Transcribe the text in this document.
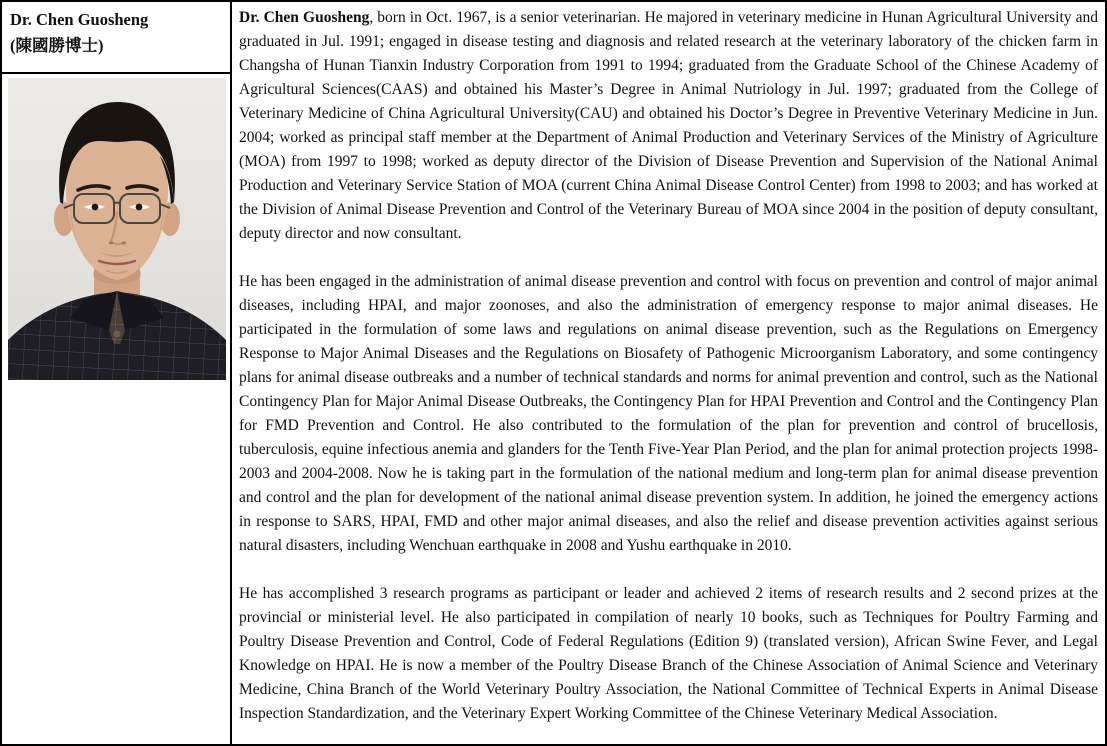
Dr. Chen Guosheng
(陳國勝博士)

Dr. Chen Guosheng, born in Oct. 1967, is a senior veterinarian. He majored in veterinary medicine in Hunan Agricultural University and graduated in Jul. 1991; engaged in disease testing and diagnosis and related research at the veterinary laboratory of the chicken farm in Changsha of Hunan Tianxin Industry Corporation from 1991 to 1994; graduated from the Graduate School of the Chinese Academy of Agricultural Sciences(CAAS) and obtained his Master’s Degree in Animal Nutriology in Jul. 1997; graduated from the College of Veterinary Medicine of China Agricultural University(CAU) and obtained his Doctor’s Degree in Preventive Veterinary Medicine in Jun. 2004; worked as principal staff member at the Department of Animal Production and Veterinary Services of the Ministry of Agriculture (MOA) from 1997 to 1998; worked as deputy director of the Division of Disease Prevention and Supervision of the National Animal Production and Veterinary Service Station of MOA (current China Animal Disease Control Center) from 1998 to 2003; and has worked at the Division of Animal Disease Prevention and Control of the Veterinary Bureau of MOA since 2004 in the position of deputy consultant, deputy director and now consultant.

He has been engaged in the administration of animal disease prevention and control with focus on prevention and control of major animal diseases, including HPAI, and major zoonoses, and also the administration of emergency response to major animal diseases. He participated in the formulation of some laws and regulations on animal disease prevention, such as the Regulations on Emergency Response to Major Animal Diseases and the Regulations on Biosafety of Pathogenic Microorganism Laboratory, and some contingency plans for animal disease outbreaks and a number of technical standards and norms for animal prevention and control, such as the National Contingency Plan for Major Animal Disease Outbreaks, the Contingency Plan for HPAI Prevention and Control and the Contingency Plan for FMD Prevention and Control. He also contributed to the formulation of the plan for prevention and control of brucellosis, tuberculosis, equine infectious anemia and glanders for the Tenth Five-Year Plan Period, and the plan for animal protection projects 1998-2003 and 2004-2008. Now he is taking part in the formulation of the national medium and long-term plan for animal disease prevention and control and the plan for development of the national animal disease prevention system. In addition, he joined the emergency actions in response to SARS, HPAI, FMD and other major animal diseases, and also the relief and disease prevention activities against serious natural disasters, including Wenchuan earthquake in 2008 and Yushu earthquake in 2010.

He has accomplished 3 research programs as participant or leader and achieved 2 items of research results and 2 second prizes at the provincial or ministerial level. He also participated in compilation of nearly 10 books, such as Techniques for Poultry Farming and Poultry Disease Prevention and Control, Code of Federal Regulations (Edition 9) (translated version), African Swine Fever, and Legal Knowledge on HPAI. He is now a member of the Poultry Disease Branch of the Chinese Association of Animal Science and Veterinary Medicine, China Branch of the World Veterinary Poultry Association, the National Committee of Technical Experts in Animal Disease Inspection Standardization, and the Veterinary Expert Working Committee of the Chinese Veterinary Medical Association.
